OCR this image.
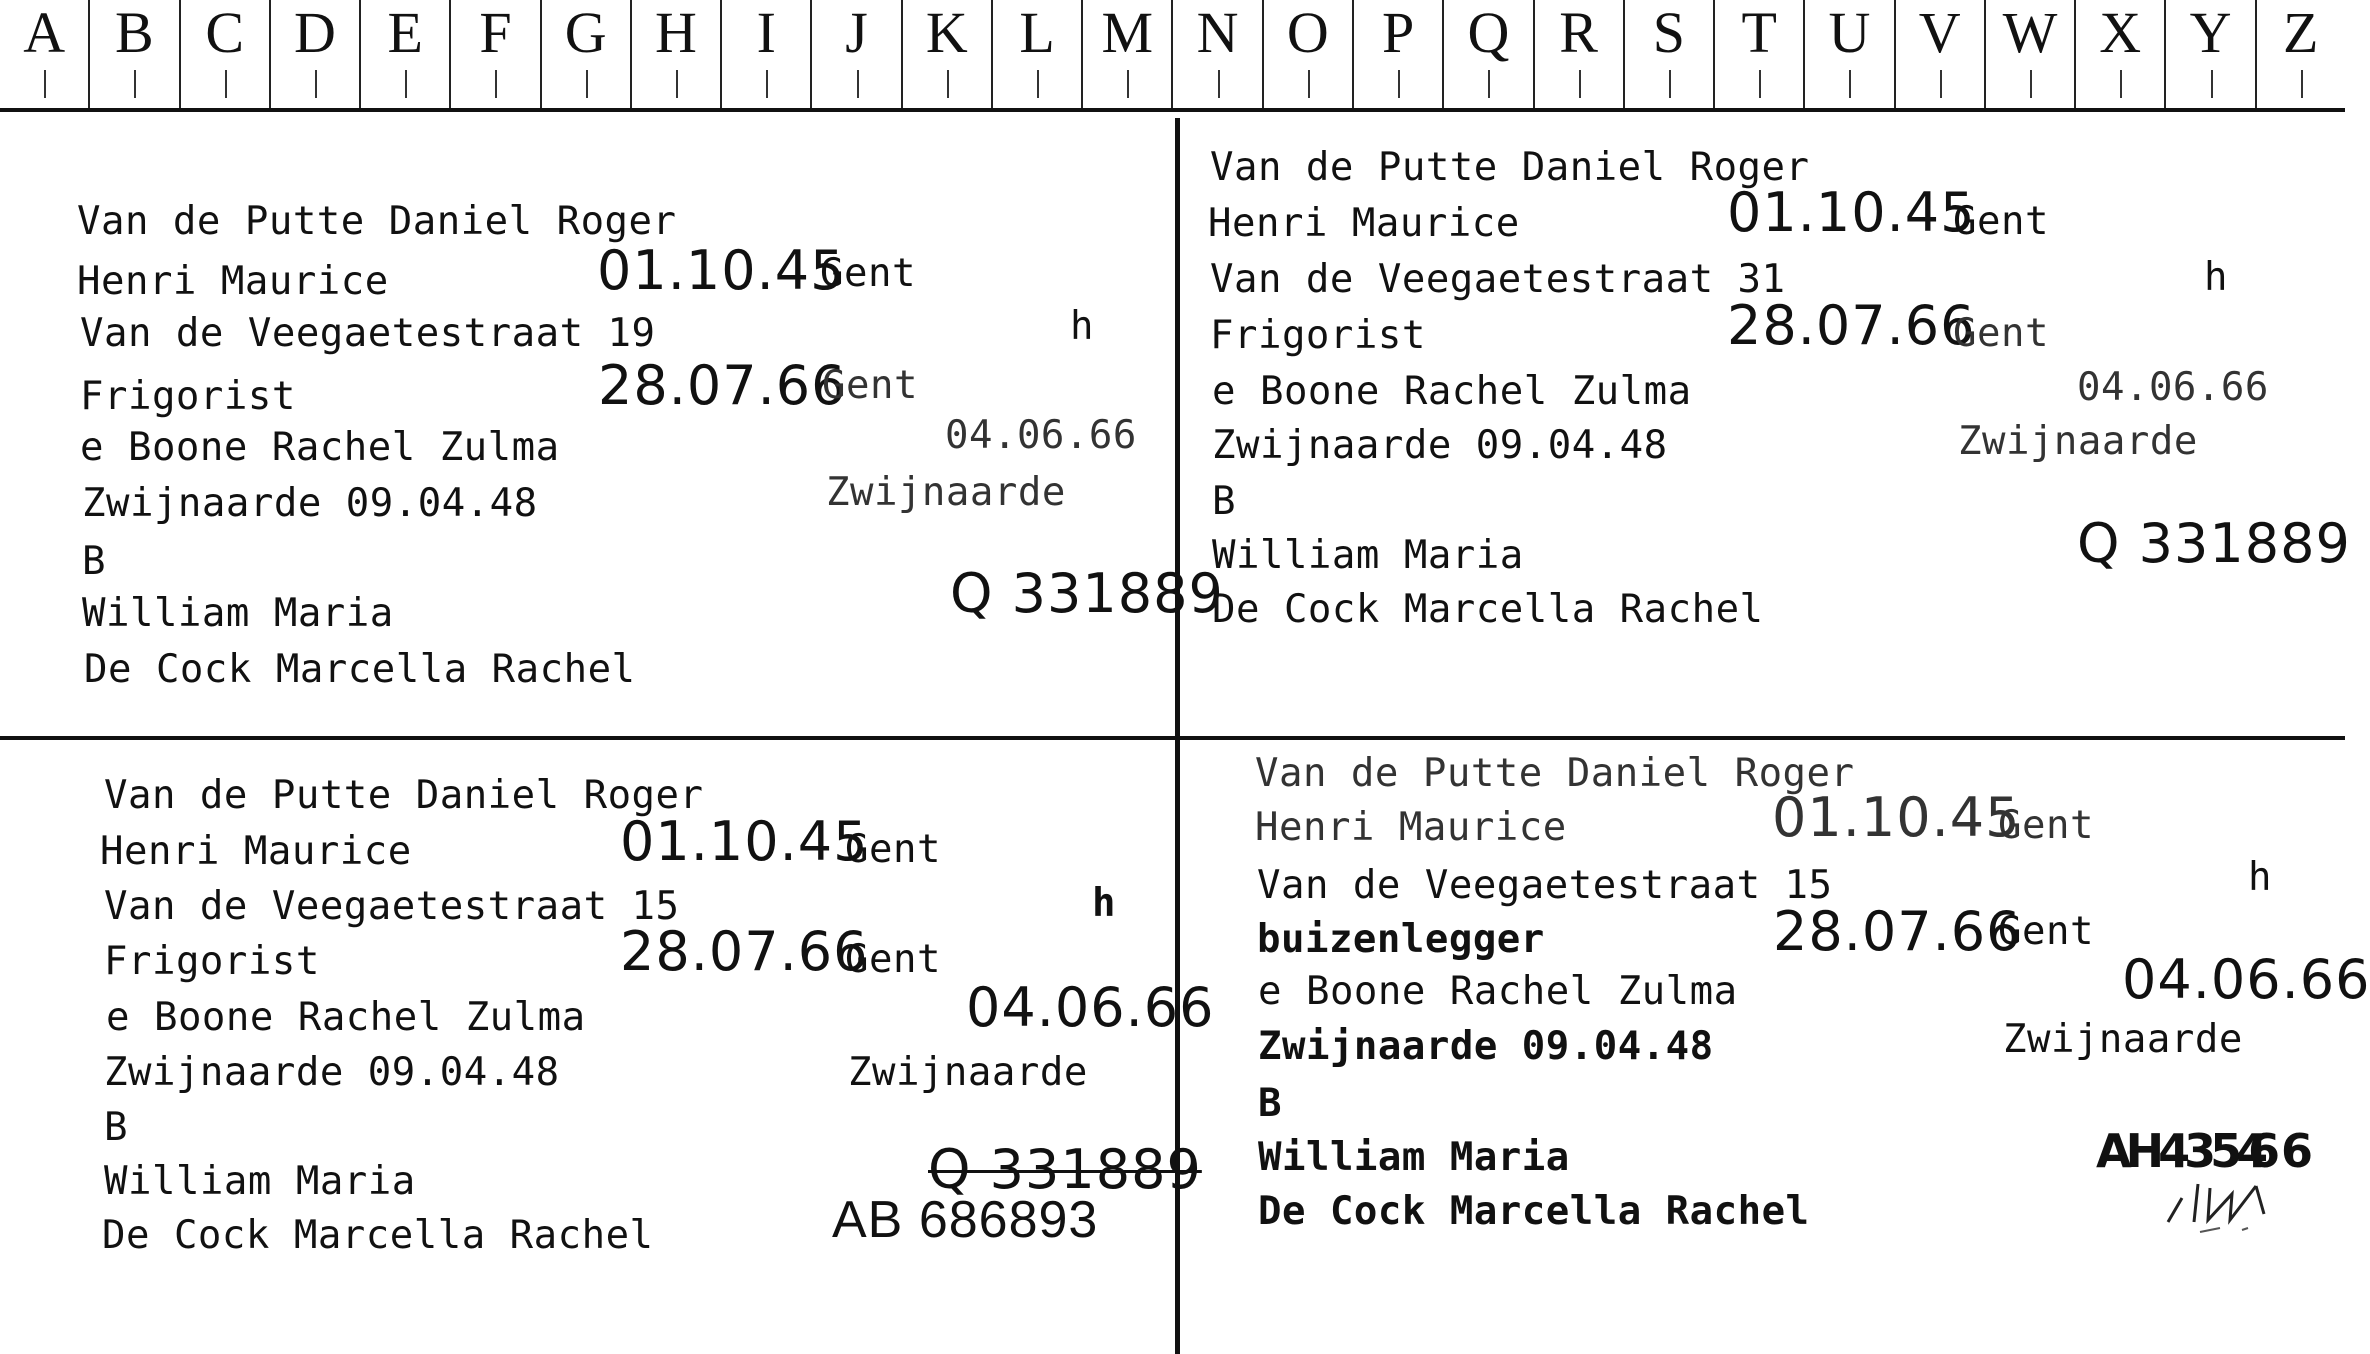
A B C D E F G H	I	J	K L M N O P Q R S T U V W X Y Z
Van de Putte Daniel Roger
Henri Maurice	01.10.45
Gent
Van de Veegaetestraat 19	h
Frigorist	28.07.66
Gent
e Boone Rachel Zulma	04.06.66
Zwijnaarde 09.04.48	Zwijnaarde
B
William Maria	Q 331889
De Cock Marcella Rachel
Van de Putte Daniel Roger
Henri Maurice	01.10.45
Gent
Van de Veegaetestraat 31	h
Frigorist	28.07.66
Gent
e Boone Rachel Zulma	04.06.66
Zwijnaarde 09.04.48	Zwijnaarde
B
William Maria	Q 331889
De Cock Marcella Rachel
Van de Putte Daniel Roger
Henri Maurice	01.10.45
Gent
Van de Veegaetestraat 15	h
Frigorist	28.07.66
Gent
e Boone Rachel Zulma	04.06.66
Zwijnaarde 09.04.48	Zwijnaarde
B
William Maria	Q 331889
De Cock Marcella Rachel	AB 686893
Van de Putte Daniel Roger
Henri Maurice	01.10.45
Gent
Van de Veegaetestraat 15	h
buizenlegger	28.07.66
Gent
e Boone Rachel Zulma	04.06.66
Zwijnaarde 09.04.48	Zwijnaarde
B
William Maria	AH4354
66
De Cock Marcella Rachel
